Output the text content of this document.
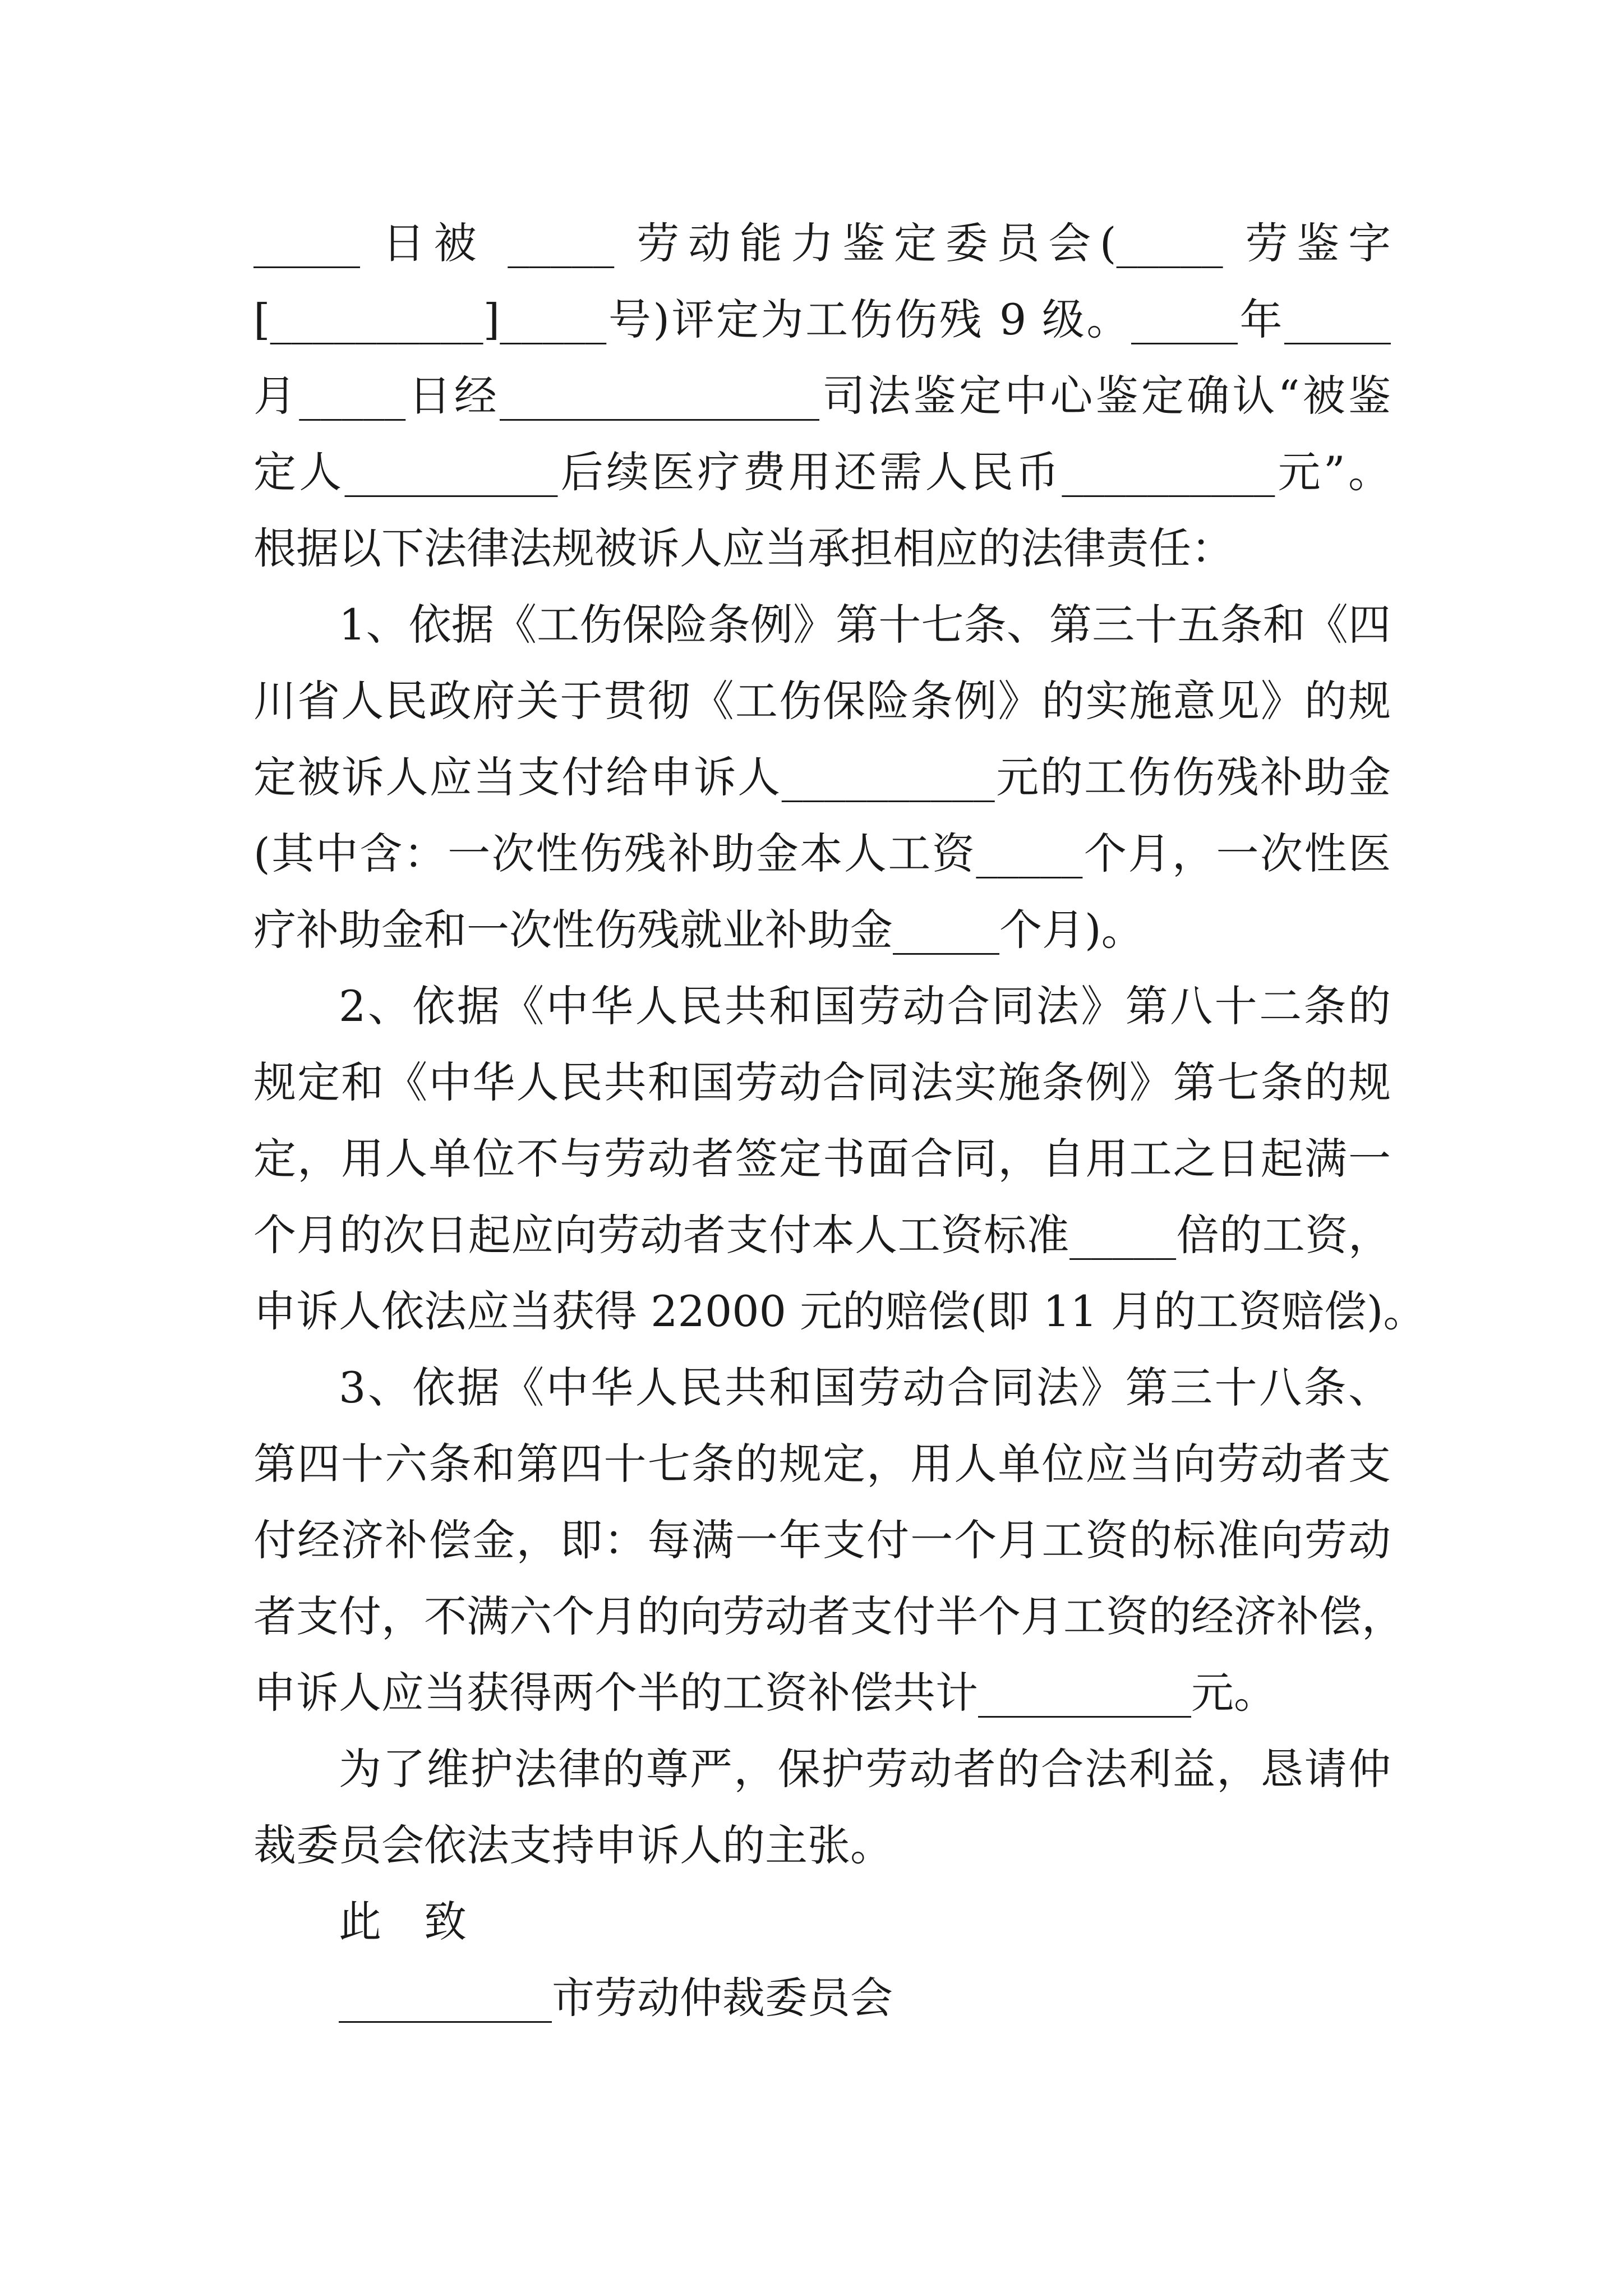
_____ 日被 _____ 劳动能力鉴定委员会(_____ 劳鉴字

[__________]_____号)评定为工伤伤残 9 级。_____年_____

月_____日经_______________司法鉴定中心鉴定确认“被鉴

定人__________后续医疗费用还需人民币__________元”。

根据以下法律法规被诉人应当承担相应的法律责任：

1、依据《工伤保险条例》第十七条、第三十五条和《四

川省人民政府关于贯彻《工伤保险条例》的实施意见》的规

定被诉人应当支付给申诉人__________元的工伤伤残补助金

(其中含：一次性伤残补助金本人工资_____个月，一次性医

疗补助金和一次性伤残就业补助金_____个月)。

2、依据《中华人民共和国劳动合同法》第八十二条的

规定和《中华人民共和国劳动合同法实施条例》第七条的规

定，用人单位不与劳动者签定书面合同，自用工之日起满一

个月的次日起应向劳动者支付本人工资标准_____倍的工资，

申诉人依法应当获得 22000 元的赔偿(即 11 月的工资赔偿)。

3、依据《中华人民共和国劳动合同法》第三十八条、

第四十六条和第四十七条的规定，用人单位应当向劳动者支

付经济补偿金，即：每满一年支付一个月工资的标准向劳动

者支付，不满六个月的向劳动者支付半个月工资的经济补偿，

申诉人应当获得两个半的工资补偿共计__________元。

为了维护法律的尊严，保护劳动者的合法利益，恳请仲

裁委员会依法支持申诉人的主张。

此　致

__________市劳动仲裁委员会
